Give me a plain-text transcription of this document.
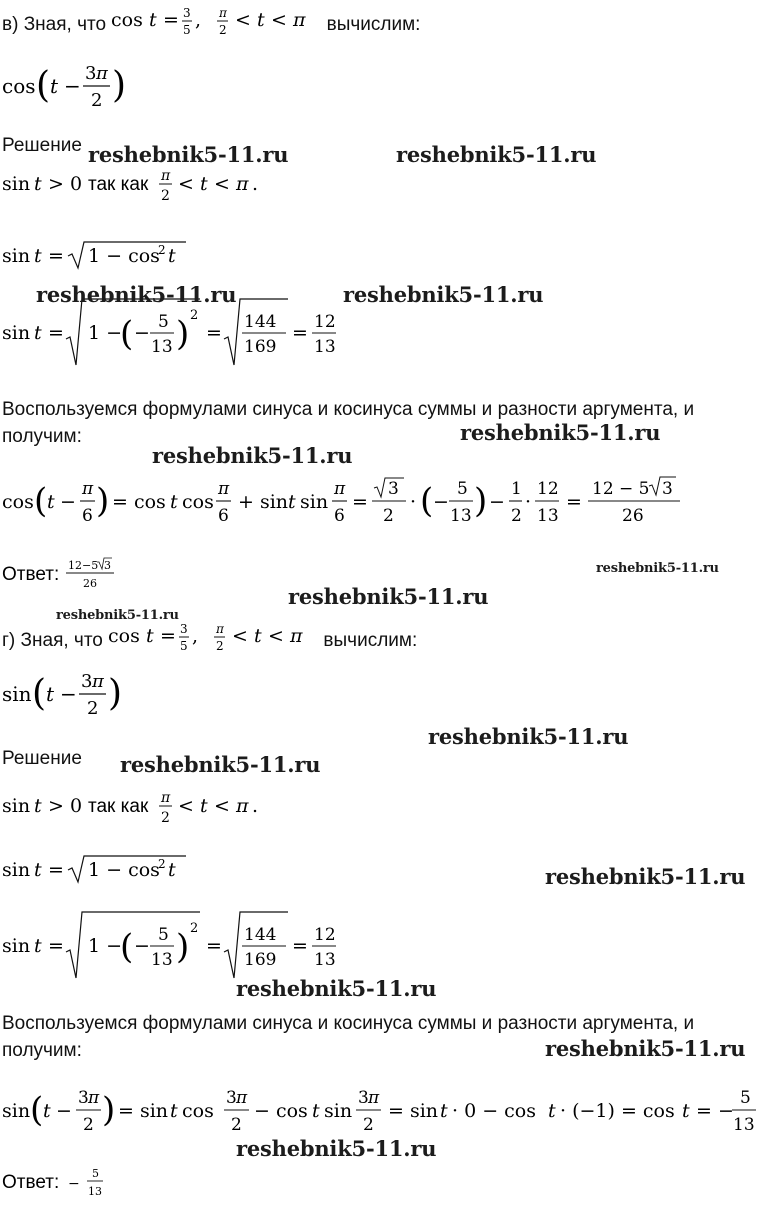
в) Зная, что cos t = 3
5 , π
2 < t < π вычислим:
cos ( t −
3 π
2 )
Решение
sin t > 0 так как π
2
< t < π .
sin t = 1 − cos
2 t
sin t = 1 −
( − 5
13 ) 2
= 144
169
= 12
13
Воспользуемся формулами синуса и косинуса суммы и разности аргумента, и получим:
cos ( t −
π
6 ) = cos t cos
π
6
+ sin t sin
π
6
=
3
2
· ( −
5
13 ) −
1
2
·
12
13
=
12 − 5 3
26
Ответ: 12−5 3
26
г) Зная, что cos t = 3
5 , π
2 < t < π вычислим:
sin ( t −
3 π
2 )
Решение
sin t > 0 так как π
2
< t < π .
sin t = 1 − cos
2 t
sin t = 1 −
( − 5
13 ) 2
= 144
169
= 12
13
Воспользуемся формулами синуса и косинуса суммы и разности аргумента, и получим:
sin ( t −
3 π
2 ) = sin t cos
3 π
2
− cos t sin
3 π
2
= sin t · 0 − cos t · (−1) = cos t = −
5
13
Ответ: −
5
13
reshebnik5-11.ru	reshebnik5-11.ru
reshebnik5-11.ru	reshebnik5-11.ru
reshebnik5-11.ru
reshebnik5-11.ru
reshebnik5-11.ru
reshebnik5-11.ru
reshebnik5-11.ru
reshebnik5-11.ru
reshebnik5-11.ru
reshebnik5-11.ru
reshebnik5-11.ru
reshebnik5-11.ru
reshebnik5-11.ru
